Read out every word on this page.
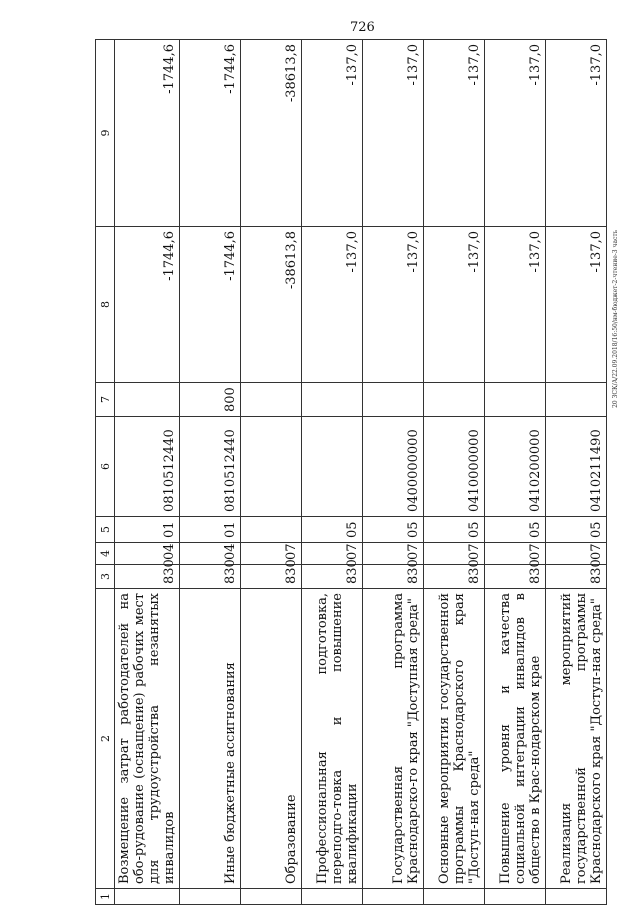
726
20 ЗСК/А/22.09.2018/16:50/нм-бюджет-2-чтение-3 часть
1	2	3	4	5	6	7	8	9
	Возмещение затрат работодателей на обо-рудование (оснащение) рабочих мест для трудоустройства незанятых инвалидов	830	04	01	0810512440		-1744,6	-1744,6
	Иные бюджетные ассигнования	830	04	01	0810512440	800	-1744,6	-1744,6
	Образование	830	07				-38613,8	-38613,8
	Профессиональная подготовка, переподго-товка и повышение квалификации	830	07	05			-137,0	-137,0
	Государственная программа Краснодарско-го края "Доступная среда"	830	07	05	0400000000		-137,0	-137,0
	Основные мероприятия государственной программы Краснодарского края "Доступ-ная среда"	830	07	05	0410000000		-137,0	-137,0
	Повышение уровня и качества социальной интеграции инвалидов в общество в Крас-нодарском крае	830	07	05	0410200000		-137,0	-137,0
	Реализация мероприятий государственной программы Краснодарского края "Доступ-ная среда"	830	07	05	0410211490		-137,0	-137,0
